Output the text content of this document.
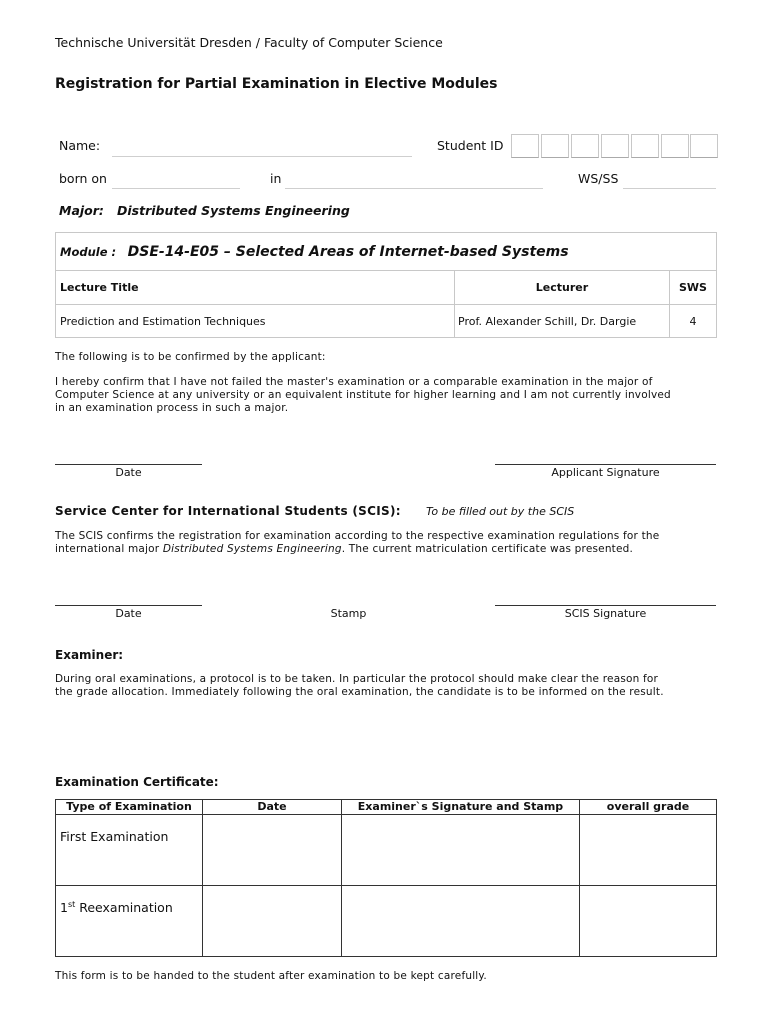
Technische Universität Dresden / Faculty of Computer Science
Registration for Partial Examination in Elective Modules
Name:	Student ID
born on	in	WS/SS
Major: Distributed Systems Engineering
Module : DSE-14-E05 – Selected Areas of Internet-based Systems		
Lecture Title	Lecturer	SWS
Prediction and Estimation Techniques	Prof. Alexander Schill, Dr. Dargie	4
The following is to be confirmed by the applicant:
I hereby confirm that I have not failed the master's examination or a comparable examination in the major of
Computer Science at any university or an equivalent institute for higher learning and I am not currently involved
in an examination process in such a major.
Date	Applicant Signature
Service Center for International Students (SCIS): To be filled out by the SCIS
The SCIS confirms the registration for examination according to the respective examination regulations for the
international major Distributed Systems Engineering. The current matriculation certificate was presented.
Date	Stamp	SCIS Signature
Examiner:
During oral examinations, a protocol is to be taken. In particular the protocol should make clear the reason for
the grade allocation. Immediately following the oral examination, the candidate is to be informed on the result.
Examination Certificate:
Type of Examination	Date	Examiner`s Signature and Stamp	overall grade
First Examination			
1st Reexamination			
This form is to be handed to the student after examination to be kept carefully.
